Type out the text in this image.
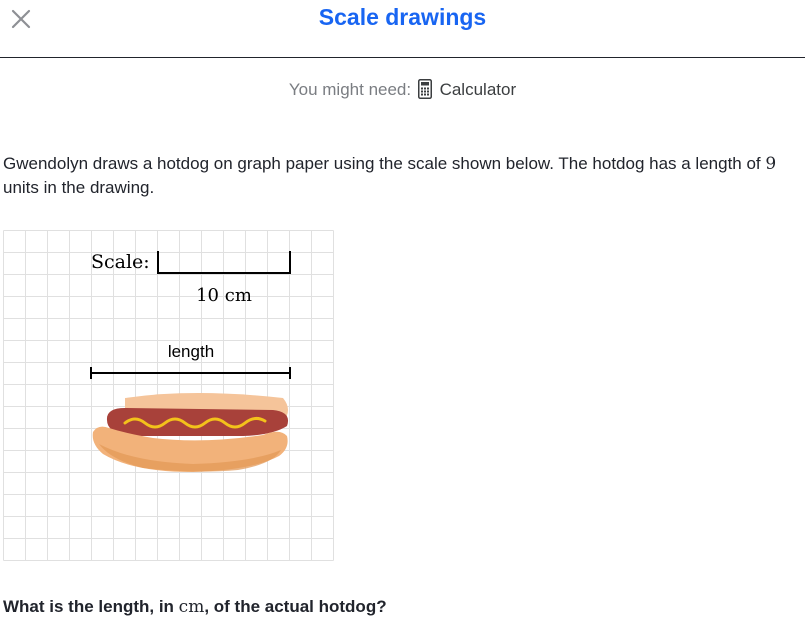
Scale drawings
You might need: Calculator
Gwendolyn draws a hotdog on graph paper using the scale shown below. The hotdog has a length of 9 units in the drawing.
Scale:
10 cm
length
What is the length, in cm, of the actual hotdog?
